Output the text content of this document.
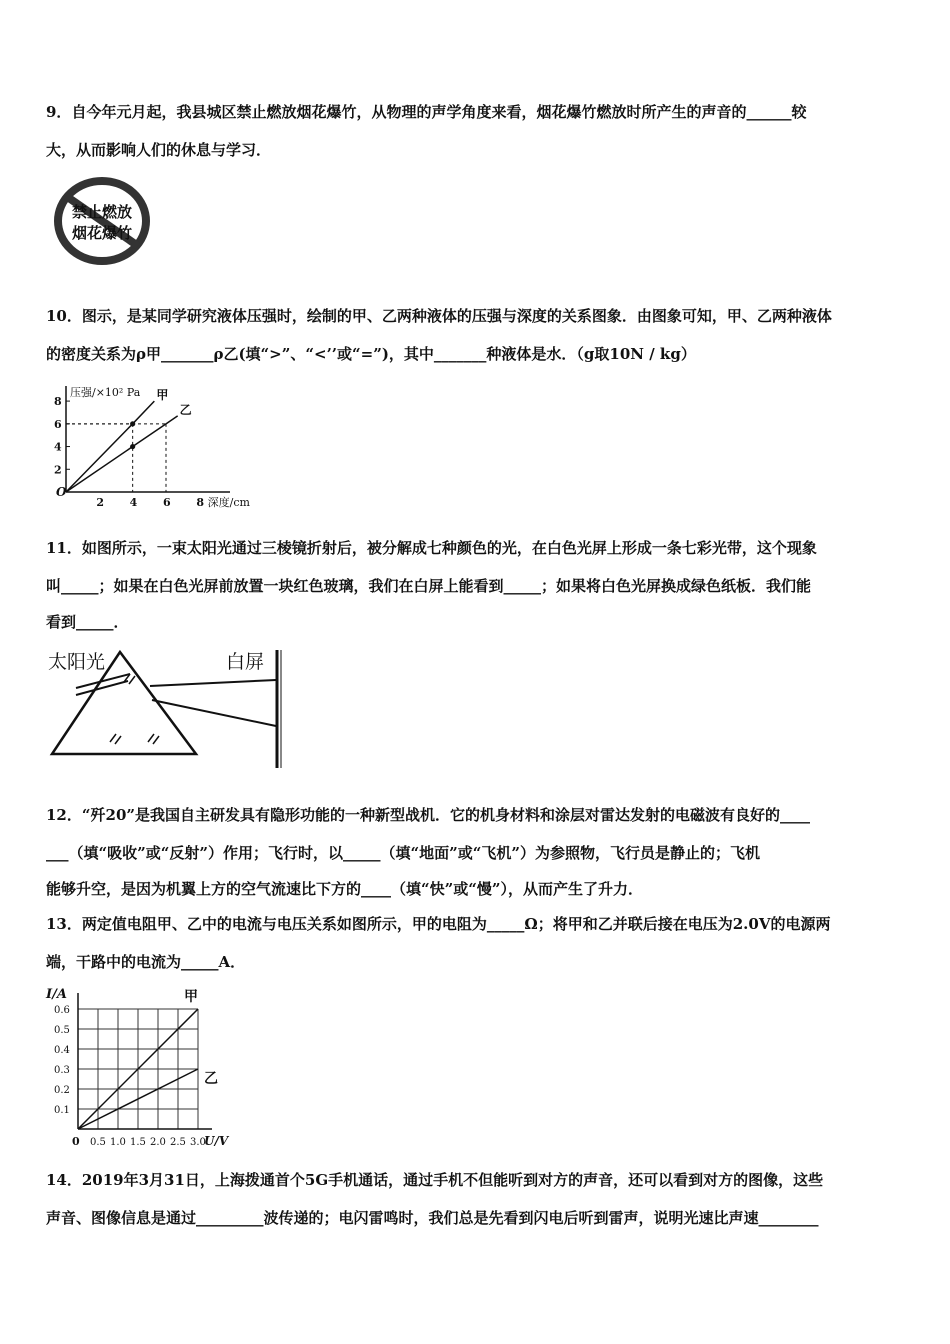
9．自今年元月起，我县城区禁止燃放烟花爆竹，从物理的声学角度来看，烟花爆竹燃放时所产生的声音的______较
大，从而影响人们的休息与学习．
禁止燃放
烟花爆竹
10．图示，是某同学研究液体压强时，绘制的甲、乙两种液体的压强与深度的关系图象．由图象可知，甲、乙两种液体
的密度关系为ρ甲_______ρ乙(填“>”、“<’’或“=”)，其中_______种液体是水．（g取10N / kg）
压强/×10² Pa
深度/cm
O
2 4 6 8
2
4
6
8	甲
乙
11．如图所示，一束太阳光通过三棱镜折射后，被分解成七种颜色的光，在白色光屏上形成一条七彩光带，这个现象
叫_____；如果在白色光屏前放置一块红色玻璃，我们在白屏上能看到_____；如果将白色光屏换成绿色纸板．我们能
看到_____．
太阳光	白屏
12．“歼20”是我国自主研发具有隐形功能的一种新型战机．它的机身材料和涂层对雷达发射的电磁波有良好的____
___（填“吸收”或“反射”）作用；飞行时，以_____（填“地面”或“飞机”）为参照物，飞行员是静止的；飞机
能够升空，是因为机翼上方的空气流速比下方的____（填“快”或“慢”），从而产生了升力．
13．两定值电阻甲、乙中的电流与电压关系如图所示，甲的电阻为_____Ω；将甲和乙并联后接在电压为2.0V的电源两
端，干路中的电流为_____A．
I/A
U/V
0 0.5 1.0 1.5 2.0 2.5 3.0
0.1
0.2
0.3
0.4
0.5
0.6
甲
乙
14．2019年3月31日，上海拨通首个5G手机通话，通过手机不但能听到对方的声音，还可以看到对方的图像，这些
声音、图像信息是通过_________波传递的；电闪雷鸣时，我们总是先看到闪电后听到雷声，说明光速比声速________
